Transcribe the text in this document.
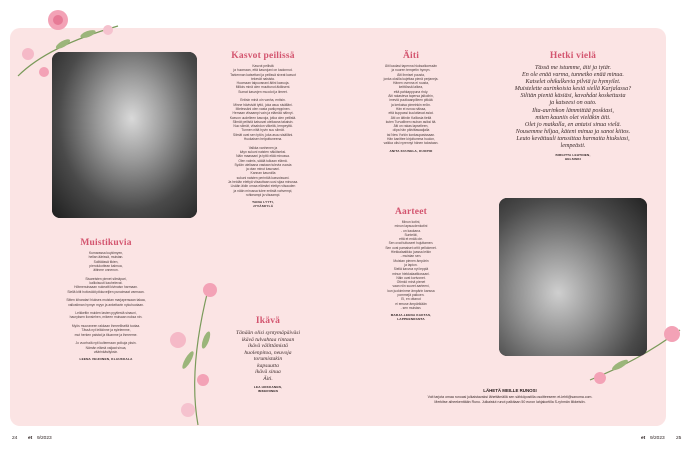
Kasvot peilissä
Kasvot peilistä
ja huomaan, että kasvojani on kadonnut.
Tarkennan katsettani ja peilissä siveat kasvot
tekevät naisista.
Huomaan taipuvanani äitini kasvoja.
Millois minä olen muuttunut äidikseni.
Sumat kasvojen muodot ja ilmeet.

Entisin minä oin vanha, entisin.
Minne hävisivät tyttö, joka asuu sisälläni.
Mielessäni olen vasta parikymppinen.
Hemaan viisaampi vain ja elämää nähnyt.
Kasvon uudelleen kasvoja, jotka olen peilistä.
Silmät peilistä katsovat uteliaana takaisin.
Nuo silmät, viisahdon vilkeitä, lempeyttä.
Tunnen niitä hyvin suu silmät.
Silmät ovat sen tytön, joka asuu sisälläni.
Huokaisen helpottuneena.

Valkka vanhenen ja
käyn sukuni naisten näköiseksi.
Näin maassani ja tyttö elää minussa.
Olen valmis, säälä tulkaan elämä.
Sydän uteliaana vastaan tulevia vuosia
ja otan minut kasvoani.
Kannan kasvoilla
sukuni naisten perintöä kasvoissani.
Ja heidän elettyä viisauttaan uusi sijaa minussa.
Lisään äidin omaa elämäni elettyn viisauden
ja nään minussa tulee entistä vahvempi,
rohkeampi ja viisaampi.
TAINA LYYTI,
JYVÄSKYLÄ
Äiti
Äiti kaulasi tapenna hiuksaikoessän
ja nuoren tempetin hymyn.
Äiti ihmiset puusta,
jonka oksilla kujettaa pienä perjaneja.
Hänen ovenna ei ruusta,
keittiössä lalkea,
että pahkapppuna rhdy.
Äiti rakasteva tapersa jalkoihin,
imeviä puutkaanpilleen pitkää
ja kerkaisa pimeinkin eröin.
Hän ei runoa näissa,
että kuppassi kuuluttavat asiat.
Äiti on äitiniin Kalliosia tietiä
kuten Turvallinen rauhan asiksi itä.
Äiti on rakas lapselleen,
olipa hän päivittasaaijalla
tai New Yorkin konkaupasissaan.
Hän kanittee kirjoitumma huolon,
vaikka olisi nyrennyt hänen talostaan.
ANITA KUUSELA, KUOPIO
Hetki vielä
Tässä me istumme, äiti ja tytär.
En ole enää varma, tunnetko enää minua.
Katselet ohikulkevia pilviä ja hymyilet.
Muistelette aurinkoisia kesiä siellä Karjalassa?
Silitän pieniä käsiäsi, kavahdat koskettusta
ja katseesi on outo.
Ilta-aurinkon lämmittää poskiasi,
miten kauniis olet vieläkin äiti.
Olet jo matkalla, en antaisi sinua vielä.
Nousemme hiljaa, käteni minua ja sanot kiitos.
Leuto kevättuuli tanssittaa harmaita hiuksiasi,
lempeästi.
BIRGITTA LEHTINEN,
HELSINKI
Muistikuvia
Kumarassa kuykimyen,
hellan äärissä, muistan.
Soiltäässä tikien,
pierolukottean kalmua,
äitinme onnenon.

Sisareisten pienet silmäpari,
kallioisuuti kauhelevat.
Hötmenuissaan nukeatit kivinaisn harmaan.
Siellä kitit hoitoväät pikkuveljien punaimaat varmaan.

Sitten kiharatari hiukses muistan marjapensaan takaa,
vallostiman hymyn myyn ja ankeitavin nykuhuotaan.

Leikkeltin muiden lasten pyytiestä sinauni,
hauryksen ilonsiehen, mikeen muisaan nuksa nin.

Myös muuraneen rakkaan ihmeelliseltä tuotaa.
Tässä nyt leikkinne ja sylelemme,
mut herken paistat ja tiluanme ja ihmeeme.

Jo vuorhaiä nyit kultermaan polkuja yksin.
Nämän elämä vaijaat sinua,
väärinkäsityksin.
LEENA VEIJONEN, KLAUKKALA
Ikävä
Tänään olisi syntymäpäiväsi
ikävä tulvahtaa rintaan
ikävä välittämistä
huolenpitoa, neuvoja
torumistakin
kapsuutta
ikävä sinua
Äiti.
LEA HOKKANEN,
IMKERIINEN
Aarteet
Minun kotini,
minun lapsuudenkotini
- on kaukana.
Sunteiät,
että et enää ole.
Sen ovat tuttuseet hujuttamen.
Sen ovat pamaiset oritit pellokenet.
Hiekkalaatikko joassa leikin
- muistan sen.
Muistan pienen ämpärin
ja lapion.
Siellä kavvoa nyt leppiä
minun hiekkalaatikossani.
Näin ovat kortvonet.
Otimkö minä pienet
vaan niin suuret aarteeni,
kun juokiminme ämpärin kanssa
pommejä paikoen.
Ei, en ottanut
ei emuse ämpärikään
- sen muistan.
MARJA-LEENA KAKTAS,
LAPPEENRANTA
LÄHETÄ MEILLE RUNOSI
Voit tarjota omaa runoasi julkaistavaksi lähettämällä sen sähköpostilla osoitteeseen et-lehti@sanoma.com.
Merkitse aiheekenttään Runo. Julkaistut runot palkitaan 50 euron lahjakortilla S-ryhmän liikkeisiin.
24 et 9/2023	et 9/2023 25
